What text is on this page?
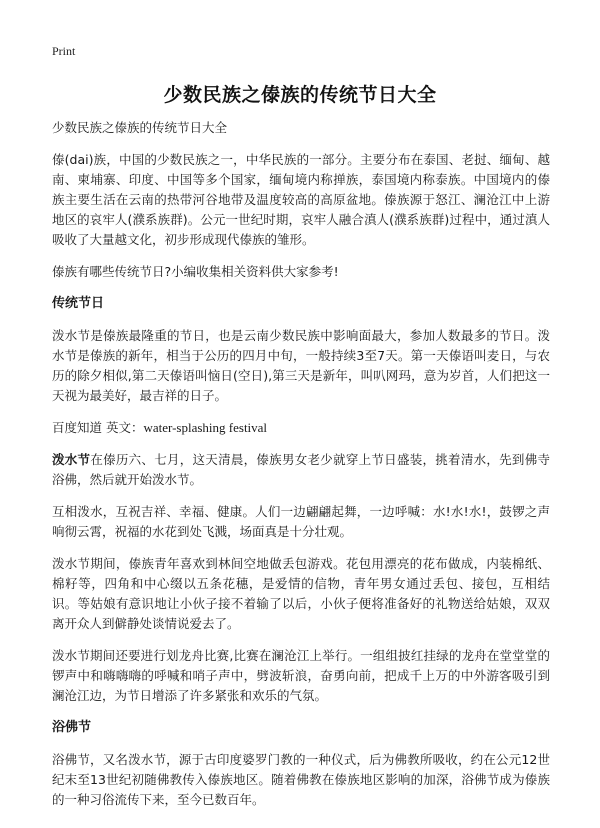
Print
少数民族之傣族的传统节日大全

少数民族之傣族的传统节日大全

傣(dai)族，中国的少数民族之一，中华民族的一部分。主要分布在泰国、老挝、缅甸、越南、柬埔寨、印度、中国等多个国家，缅甸境内称掸族，泰国境内称泰族。中国境内的傣族主要生活在云南的热带河谷地带及温度较高的高原盆地。傣族源于怒江、澜沧江中上游地区的哀牢人(濮系族群)。公元一世纪时期，哀牢人融合滇人(濮系族群)过程中，通过滇人吸收了大量越文化，初步形成现代傣族的雏形。

傣族有哪些传统节日?小编收集相关资料供大家参考!

传统节日

泼水节是傣族最隆重的节日，也是云南少数民族中影响面最大，参加人数最多的节日。泼水节是傣族的新年，相当于公历的四月中旬，一般持续3至7天。第一天傣语叫麦日，与农历的除夕相似,第二天傣语叫恼日(空日),第三天是新年，叫叭网玛，意为岁首，人们把这一天视为最美好，最吉祥的日子。

百度知道 英文：water-splashing festival

泼水节在傣历六、七月，这天清晨，傣族男女老少就穿上节日盛装，挑着清水，先到佛寺浴佛，然后就开始泼水节。

互相泼水，互祝吉祥、幸福、健康。人们一边翩翩起舞，一边呼喊：水!水!水!，鼓锣之声响彻云霄，祝福的水花到处飞溅，场面真是十分壮观。

泼水节期间，傣族青年喜欢到林间空地做丢包游戏。花包用漂亮的花布做成，内装棉纸、棉籽等，四角和中心缀以五条花穗，是爱情的信物，青年男女通过丢包、接包，互相结识。等姑娘有意识地让小伙子接不着输了以后，小伙子便将准备好的礼物送给姑娘，双双离开众人到僻静处谈情说爱去了。

泼水节期间还要进行划龙舟比赛,比赛在澜沧江上举行。一组组披红挂绿的龙舟在堂堂堂的锣声中和嗨嗨嗨的呼喊和哨子声中，劈波斩浪，奋勇向前，把成千上万的中外游客吸引到澜沧江边，为节日增添了许多紧张和欢乐的气氛。

浴佛节

浴佛节，又名泼水节，源于古印度婆罗门教的一种仪式，后为佛教所吸收，约在公元12世纪末至13世纪初随佛教传入傣族地区。随着佛教在傣族地区影响的加深，浴佛节成为傣族的一种习俗流传下来，至今已数百年。
